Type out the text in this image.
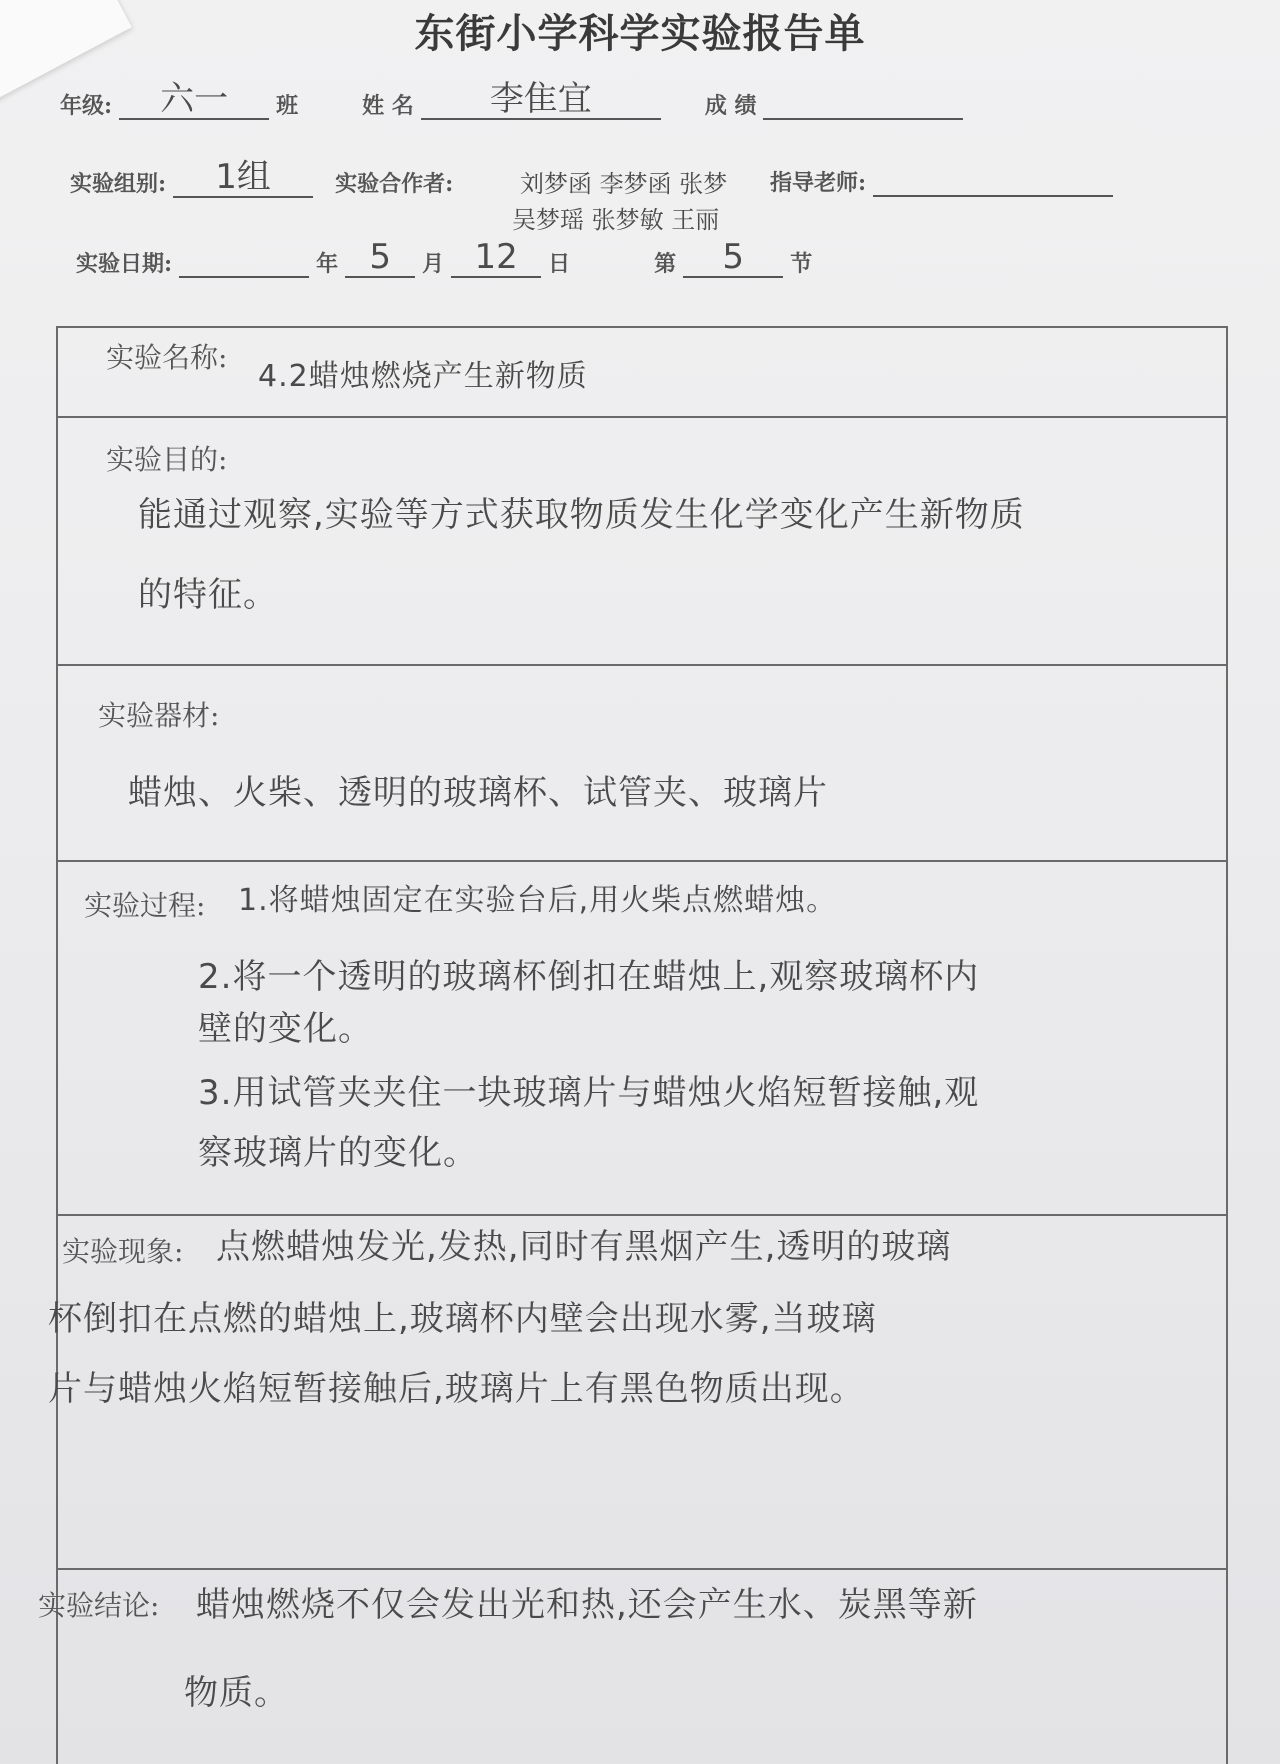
东街小学科学实验报告单
年级: 六一 班	姓 名 李隹宜	成 绩
实验组别: 1组	实验合作者:	刘梦函 李梦函 张梦
吴梦瑶 张梦敏 王丽
指导老师:
实验日期:	年 5 月 12 日	第 5 节
实验名称:
4.2蜡烛燃烧产生新物质
实验目的:
能通过观察,实验等方式获取物质发生化学变化产生新物质
的特征。
实验器材:
蜡烛、火柴、透明的玻璃杯、试管夹、玻璃片
实验过程: 1.将蜡烛固定在实验台后,用火柴点燃蜡烛。
2.将一个透明的玻璃杯倒扣在蜡烛上,观察玻璃杯内
壁的变化。
3.用试管夹夹住一块玻璃片与蜡烛火焰短暂接触,观
察玻璃片的变化。
实验现象: 点燃蜡烛发光,发热,同时有黑烟产生,透明的玻璃
杯倒扣在点燃的蜡烛上,玻璃杯内壁会出现水雾,当玻璃
片与蜡烛火焰短暂接触后,玻璃片上有黑色物质出现。
实验结论: 蜡烛燃烧不仅会发出光和热,还会产生水、炭黑等新
物质。
